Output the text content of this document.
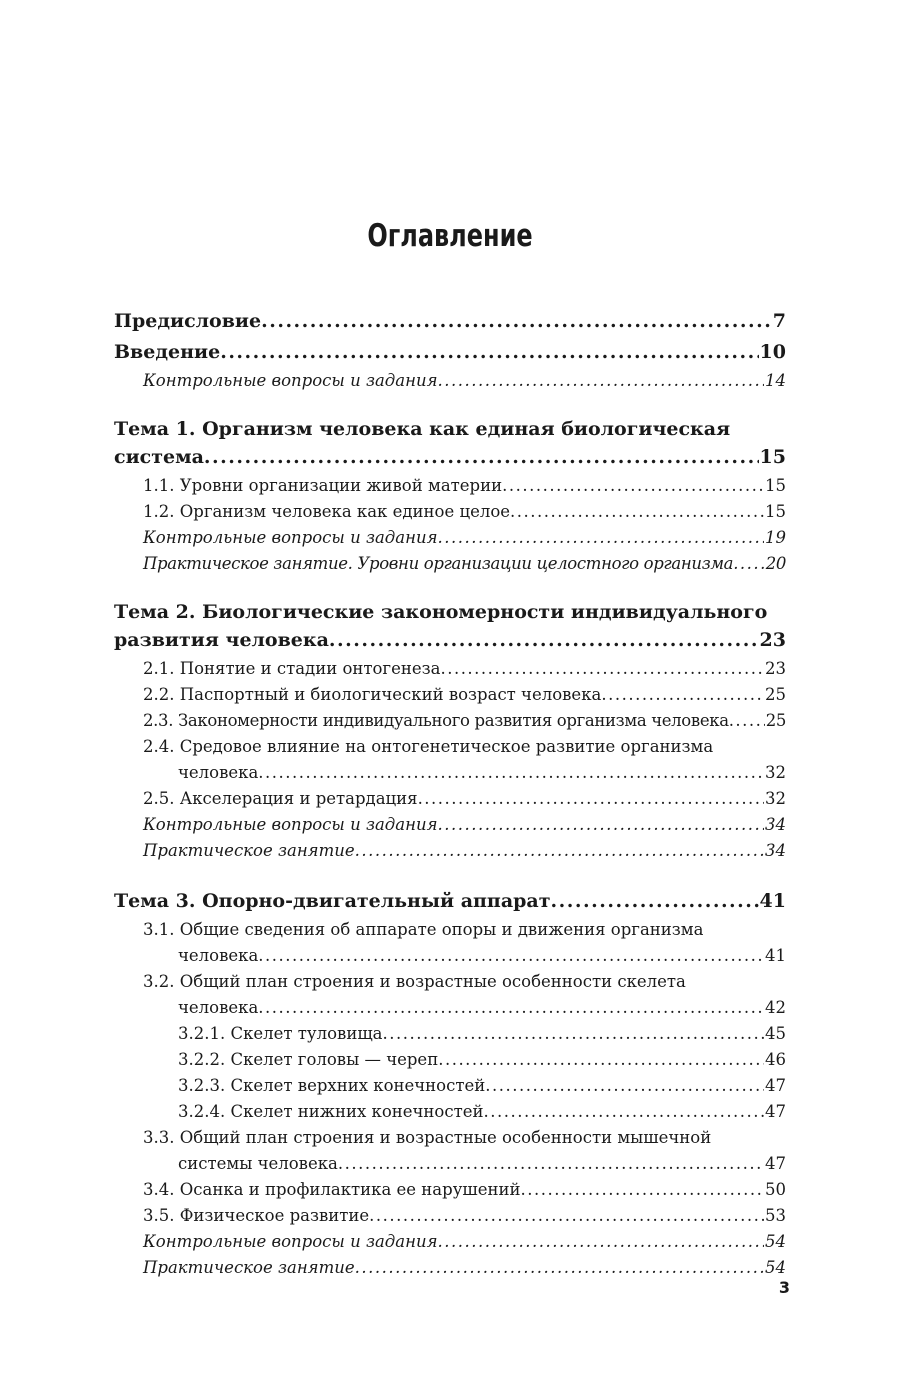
Оглавление
Предисловие .....	7
Введение .....	10
Контрольные вопросы и задания .....	14
Тема 1. Организм человека как единая биологическая
система .....	15
1.1. Уровни организации живой материи .....	15
1.2. Организм человека как единое целое .....	15
Контрольные вопросы и задания .....	19
Практическое занятие. Уровни организации целостного организма ..... 20
Тема 2. Биологические закономерности индивидуального
развития человека .....	23
2.1. Понятие и стадии онтогенеза .....	23
2.2. Паспортный и биологический возраст человека .....	25
2.3. Закономерности индивидуального развития организма человека ..... 25
2.4. Средовое влияние на онтогенетическое развитие организма
человека .....	32
2.5. Акселерация и ретардация .....	32
Контрольные вопросы и задания .....	34
Практическое занятие .....	34
Тема 3. Опорно-двигательный аппарат .....	41
3.1. Общие сведения об аппарате опоры и движения организма
человека .....	41
3.2. Общий план строения и возрастные особенности скелета
человека .....	42
3.2.1. Скелет туловища .....	45
3.2.2. Скелет головы — череп .....	46
3.2.3. Скелет верхних конечностей .....	47
3.2.4. Скелет нижних конечностей .....	47
3.3. Общий план строения и возрастные особенности мышечной
системы человека .....	47
3.4. Осанка и профилактика ее нарушений .....	50
3.5. Физическое развитие .....	53
Контрольные вопросы и задания .....	54
Практическое занятие .....	54
3
